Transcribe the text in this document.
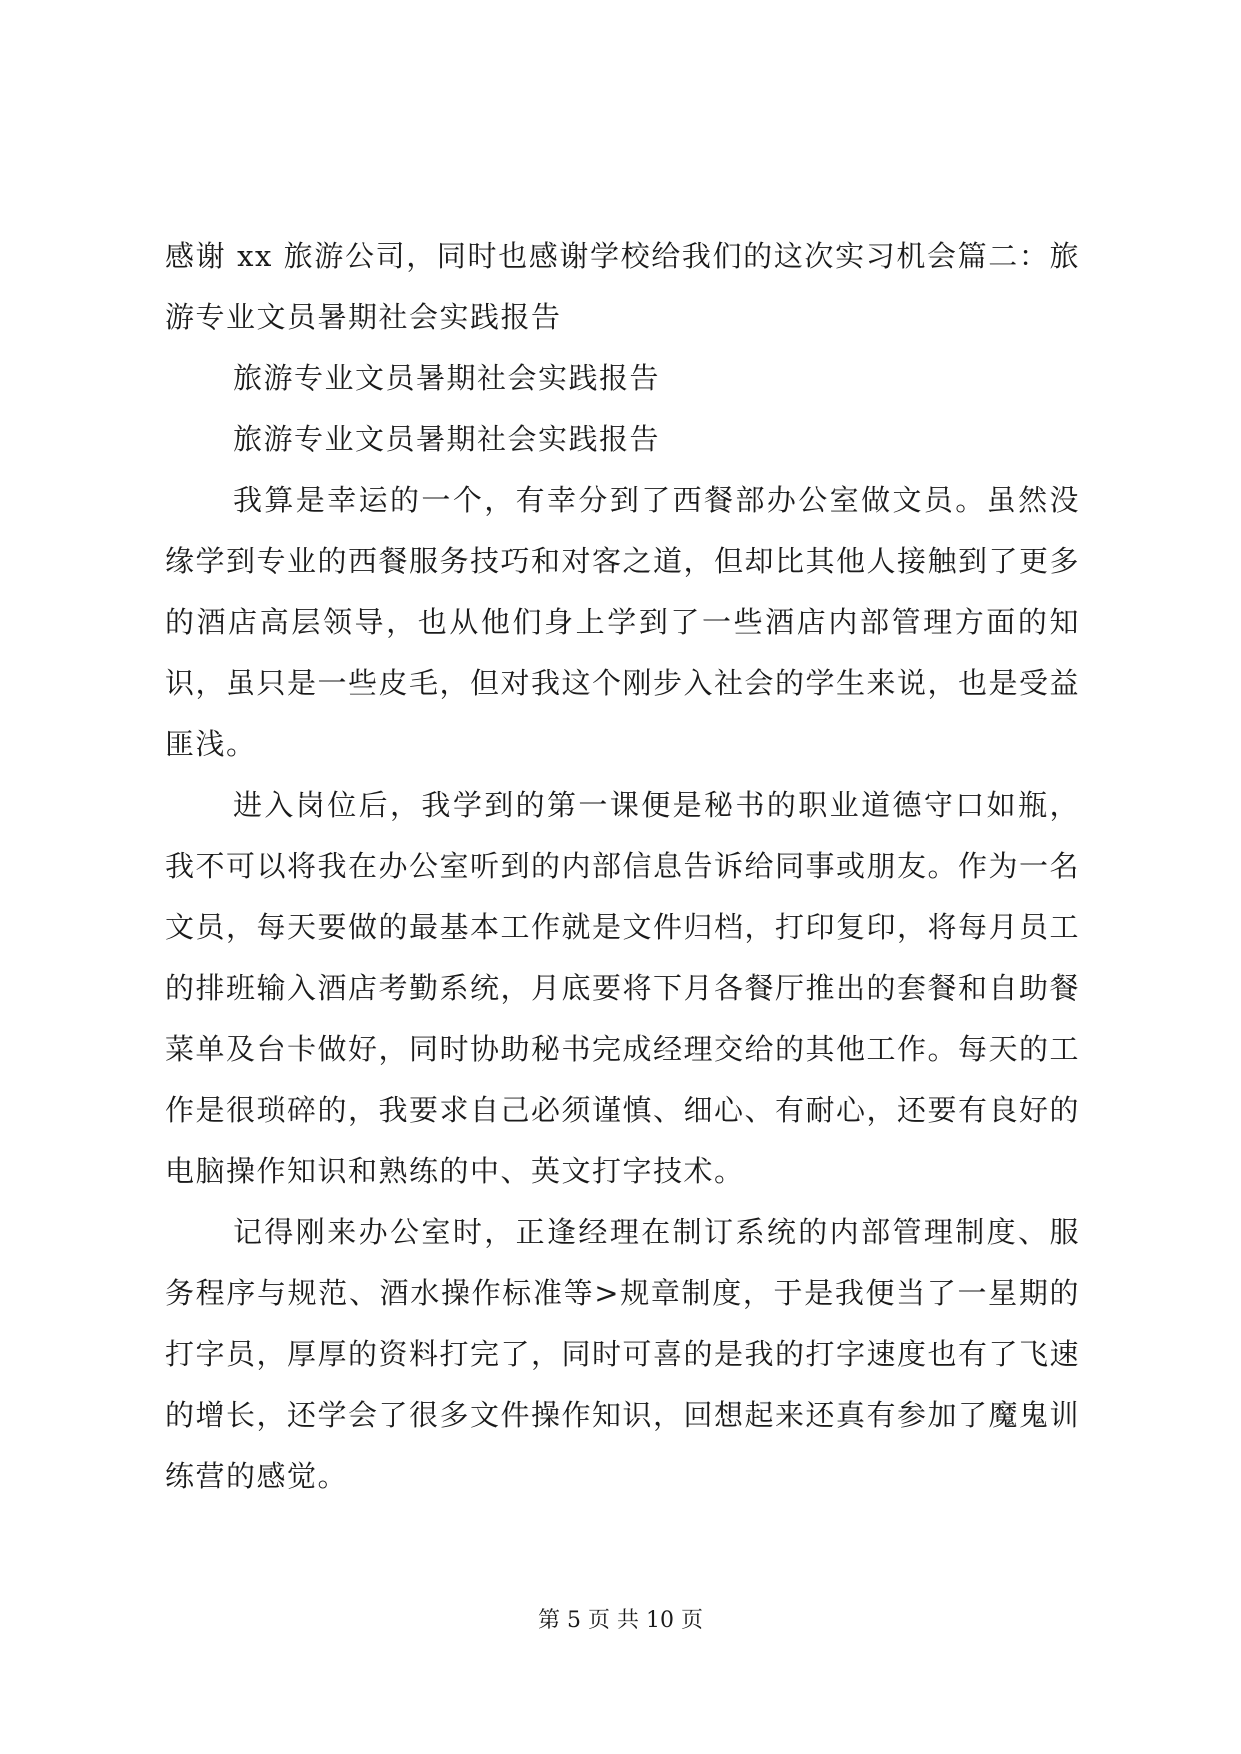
感谢 xx 旅游公司，同时也感谢学校给我们的这次实习机会篇二：旅游专业文员暑期社会实践报告

旅游专业文员暑期社会实践报告

旅游专业文员暑期社会实践报告

我算是幸运的一个，有幸分到了西餐部办公室做文员。虽然没缘学到专业的西餐服务技巧和对客之道，但却比其他人接触到了更多的酒店高层领导，也从他们身上学到了一些酒店内部管理方面的知识，虽只是一些皮毛，但对我这个刚步入社会的学生来说，也是受益匪浅。

进入岗位后，我学到的第一课便是秘书的职业道德守口如瓶，我不可以将我在办公室听到的内部信息告诉给同事或朋友。作为一名文员，每天要做的最基本工作就是文件归档，打印复印，将每月员工的排班输入酒店考勤系统，月底要将下月各餐厅推出的套餐和自助餐菜单及台卡做好，同时协助秘书完成经理交给的其他工作。每天的工作是很琐碎的，我要求自己必须谨慎、细心、有耐心，还要有良好的电脑操作知识和熟练的中、英文打字技术。

记得刚来办公室时，正逢经理在制订系统的内部管理制度、服务程序与规范、酒水操作标准等>规章制度，于是我便当了一星期的打字员，厚厚的资料打完了，同时可喜的是我的打字速度也有了飞速的增长，还学会了很多文件操作知识，回想起来还真有参加了魔鬼训练营的感觉。

第 5 页 共 10 页
